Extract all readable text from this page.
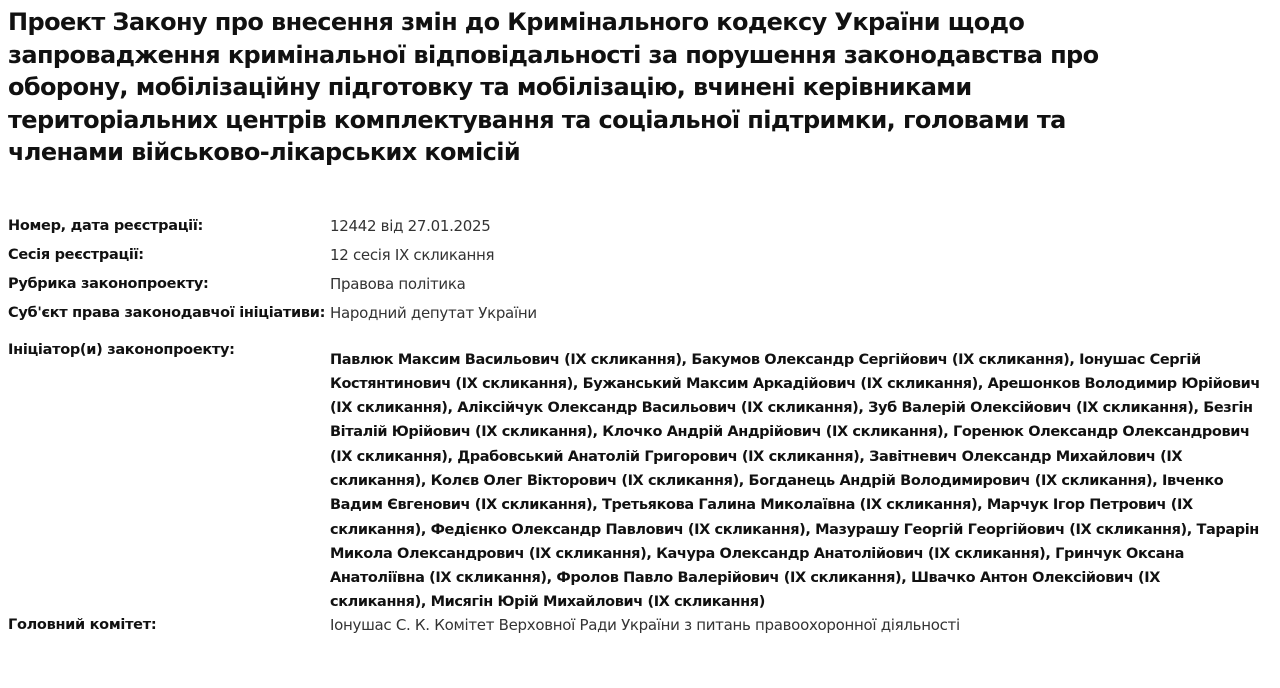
Проект Закону про внесення змін до Кримінального кодексу України щодо запровадження кримінальної відповідальності за порушення законодавства про оборону, мобілізаційну підготовку та мобілізацію, вчинені керівниками територіальних центрів комплектування та соціальної підтримки, головами та членами військово-лікарських комісій
Номер, дата реєстрації:	12442 від 27.01.2025
Сесія реєстрації:	12 сесія IX скликання
Рубрика законопроекту:	Правова політика
Суб'єкт права законодавчої ініціативи: Народний депутат України
Ініціатор(и) законопроекту:
Павлюк Максим Васильович (IX скликання), Бакумов Олександр Сергійович (IX скликання), Іонушас Сергій Костянтинович (IX скликання), Бужанський Максим Аркадійович (IX скликання), Арешонков Володимир Юрійович (IX скликання), Аліксійчук Олександр Васильович (IX скликання), Зуб Валерій Олексійович (IX скликання), Безгін Віталій Юрійович (IX скликання), Клочко Андрій Андрійович (IX скликання), Горенюк Олександр Олександрович (IX скликання), Драбовський Анатолій Григорович (IX скликання), Завітневич Олександр Михайлович (IX скликання), Колєв Олег Вікторович (IX скликання), Богданець Андрій Володимирович (IX скликання), Івченко Вадим Євгенович (IX скликання), Третьякова Галина Миколаївна (IX скликання), Марчук Ігор Петрович (IX скликання), Федієнко Олександр Павлович (IX скликання), Мазурашу Георгій Георгійович (IX скликання), Тарарін Микола Олександрович (IX скликання), Качура Олександр Анатолійович (IX скликання), Гринчук Оксана Анатоліївна (IX скликання), Фролов Павло Валерійович (IX скликання), Швачко Антон Олексійович (IX скликання), Мисягін Юрій Михайлович (IX скликання)
Головний комітет:	Іонушас С. К. Комітет Верховної Ради України з питань правоохоронної діяльності
